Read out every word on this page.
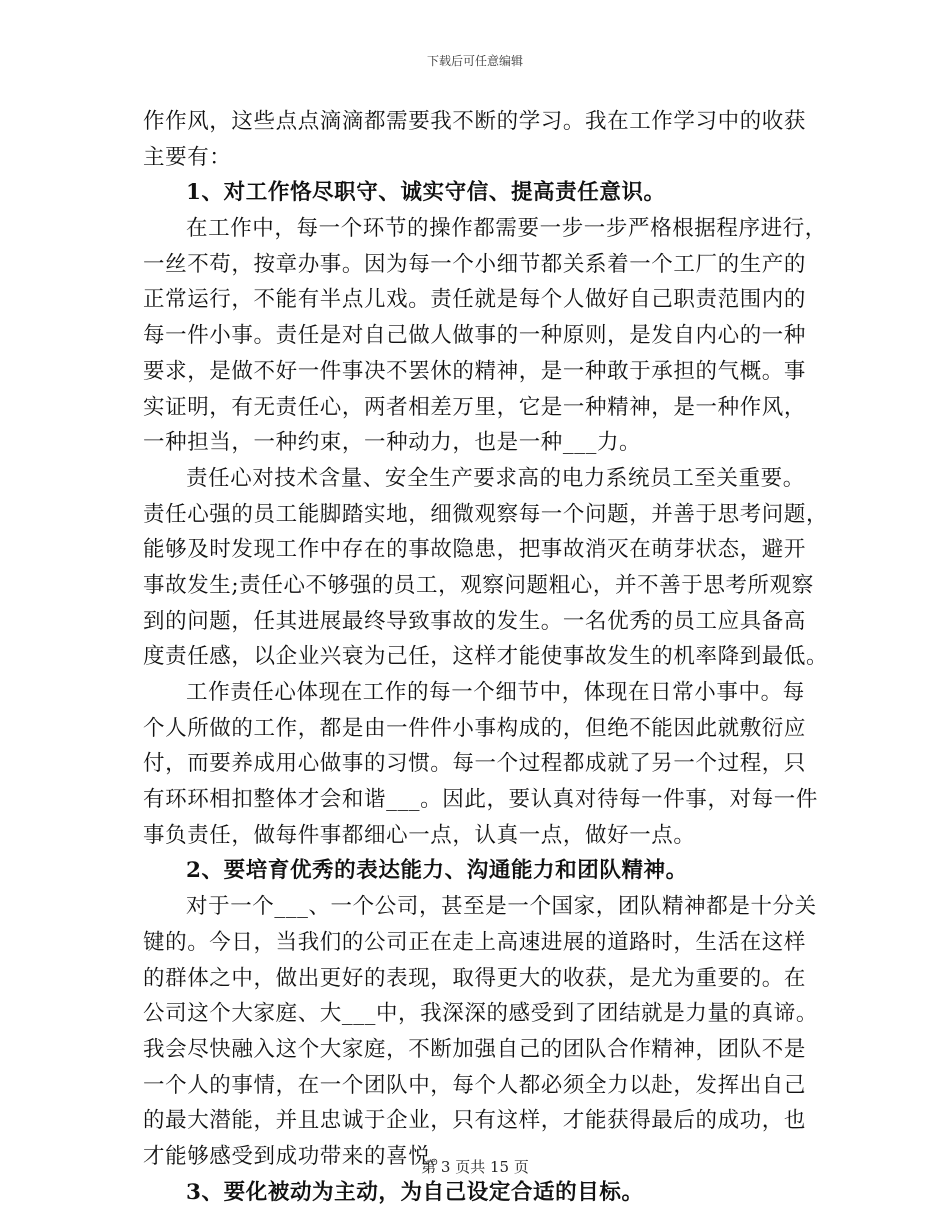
下载后可任意编辑
作作风，这些点点滴滴都需要我不断的学习。我在工作学习中的收获
主要有：
1、对工作恪尽职守、诚实守信、提高责任意识。
在工作中，每一个环节的操作都需要一步一步严格根据程序进行，
一丝不苟，按章办事。因为每一个小细节都关系着一个工厂的生产的
正常运行，不能有半点儿戏。责任就是每个人做好自己职责范围内的
每一件小事。责任是对自己做人做事的一种原则，是发自内心的一种
要求，是做不好一件事决不罢休的精神，是一种敢于承担的气概。事
实证明，有无责任心，两者相差万里，它是一种精神，是一种作风，
一种担当，一种约束，一种动力，也是一种___力。
责任心对技术含量、安全生产要求高的电力系统员工至关重要。
责任心强的员工能脚踏实地，细微观察每一个问题，并善于思考问题，
能够及时发现工作中存在的事故隐患，把事故消灭在萌芽状态，避开
事故发生;责任心不够强的员工，观察问题粗心，并不善于思考所观察
到的问题，任其进展最终导致事故的发生。一名优秀的员工应具备高
度责任感，以企业兴衰为己任，这样才能使事故发生的机率降到最低。
工作责任心体现在工作的每一个细节中，体现在日常小事中。每
个人所做的工作，都是由一件件小事构成的，但绝不能因此就敷衍应
付，而要养成用心做事的习惯。每一个过程都成就了另一个过程，只
有环环相扣整体才会和谐___。因此，要认真对待每一件事，对每一件
事负责任，做每件事都细心一点，认真一点，做好一点。
2、要培育优秀的表达能力、沟通能力和团队精神。
对于一个___、一个公司，甚至是一个国家，团队精神都是十分关
键的。今日，当我们的公司正在走上高速进展的道路时，生活在这样
的群体之中，做出更好的表现，取得更大的收获，是尤为重要的。在
公司这个大家庭、大___中，我深深的感受到了团结就是力量的真谛。
我会尽快融入这个大家庭，不断加强自己的团队合作精神，团队不是
一个人的事情，在一个团队中，每个人都必须全力以赴，发挥出自己
的最大潜能，并且忠诚于企业，只有这样，才能获得最后的成功，也
才能够感受到成功带来的喜悦。
3、要化被动为主动，为自己设定合适的目标。
第 3 页共 15 页
